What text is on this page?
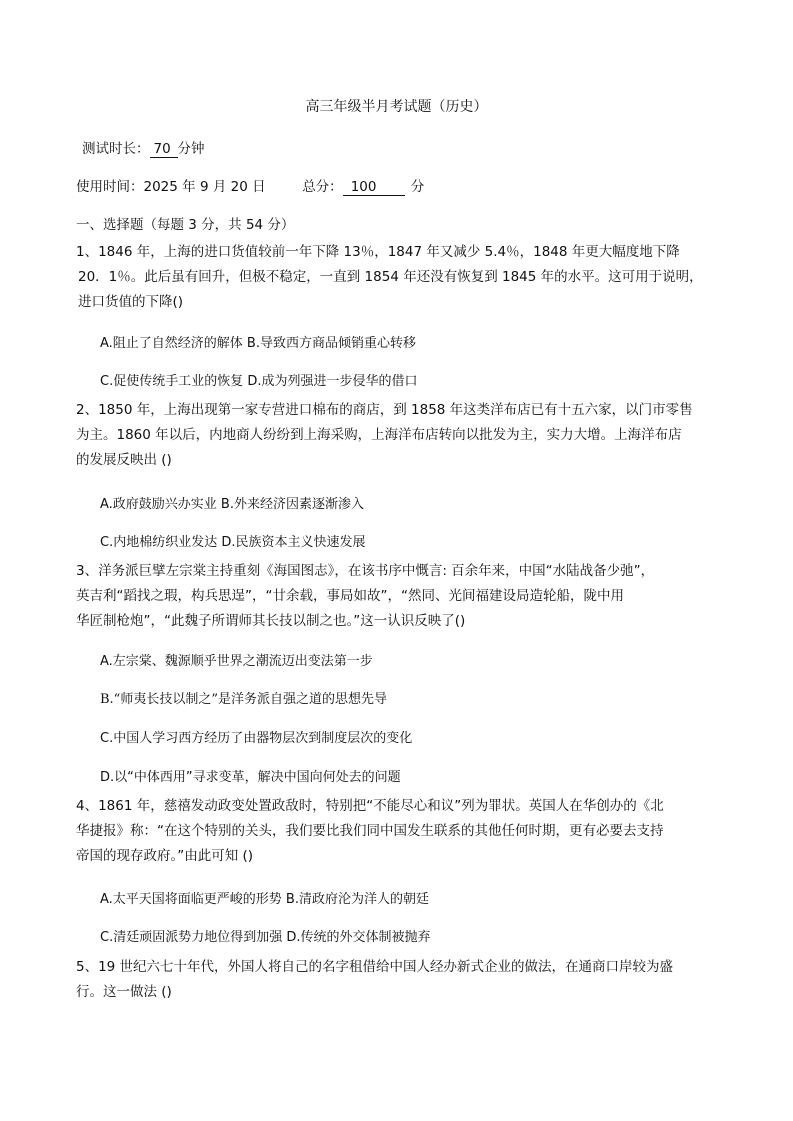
高三年级半月考试题（历史）
测试时长： 70 分钟
使用时间：2025 年 9 月 20 日	总分： 100	分
一、选择题（每题 3 分，共 54 分）
1、1846 年，上海的进口货值较前一年下降 13％，1847 年又减少 5.4％，1848 年更大幅度地下降
20．1％。此后虽有回升，但极不稳定，一直到 1854 年还没有恢复到 1845 年的水平。这可用于说明，
进口货值的下降()
A.阻止了自然经济的解体 B.导致西方商品倾销重心转移
C.促使传统手工业的恢复 D.成为列强进一步侵华的借口
2、1850 年，上海出现第一家专营进口棉布的商店，到 1858 年这类洋布店已有十五六家，以门市零售
为主。1860 年以后，内地商人纷纷到上海采购，上海洋布店转向以批发为主，实力大增。上海洋布店
的发展反映出 ()
A.政府鼓励兴办实业 B.外来经济因素逐渐渗入
C.内地棉纺织业发达 D.民族资本主义快速发展
3、洋务派巨擘左宗棠主持重刻《海国图志》，在该书序中慨言: 百余年来，中国“水陆战备少弛”，
英吉利“蹈找之瑕，构兵思逞”，“廿余载，事局如故”，“然同、光间福建设局造轮船，陇中用
华匠制枪炮”，“此魏子所谓师其长技以制之也。”这一认识反映了()
A.左宗棠、魏源顺乎世界之潮流迈出变法第一步
B.“师夷长技以制之”是洋务派自强之道的思想先导
C.中国人学习西方经历了由器物层次到制度层次的变化
D.以“中体西用”寻求变革，解决中国向何处去的问题
4、1861 年，慈禧发动政变处置政敌时，特别把“不能尽心和议”列为罪状。英国人在华创办的《北
华捷报》称：“在这个特别的关头，我们要比我们同中国发生联系的其他任何时期，更有必要去支持
帝国的现存政府。”由此可知 ()
A.太平天国将面临更严峻的形势 B.清政府沦为洋人的朝廷
C.清廷顽固派势力地位得到加强 D.传统的外交体制被抛弃
5、19 世纪六七十年代，外国人将自己的名字租借给中国人经办新式企业的做法，在通商口岸较为盛
行。这一做法 ()
